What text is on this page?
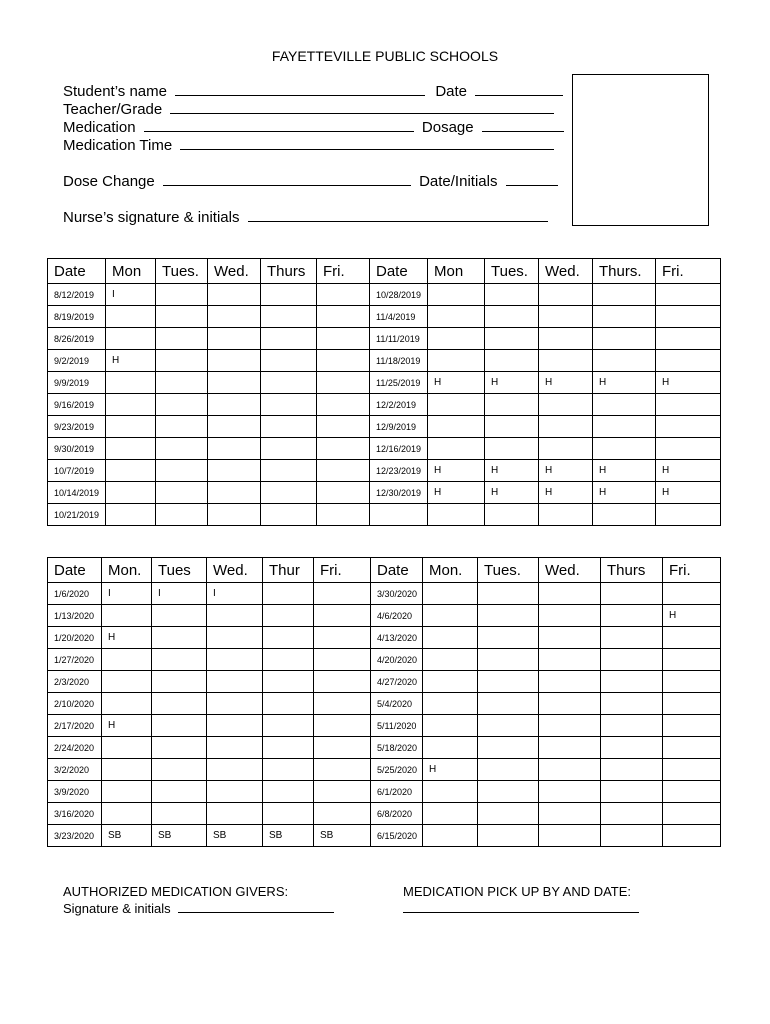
FAYETTEVILLE PUBLIC SCHOOLS
Student’s name	Date
Teacher/Grade
Medication	Dosage
Medication Time
Dose Change	Date/Initials
Nurse’s signature & initials
Date	Mon	Tues.	Wed.	Thurs	Fri.	Date	Mon	Tues.	Wed.	Thurs.	Fri.
8/12/2019	I					10/28/2019					
8/19/2019						11/4/2019					
8/26/2019						11/11/2019					
9/2/2019	H					11/18/2019					
9/9/2019						11/25/2019	H	H	H	H	H
9/16/2019						12/2/2019					
9/23/2019						12/9/2019					
9/30/2019						12/16/2019					
10/7/2019						12/23/2019	H	H	H	H	H
10/14/2019						12/30/2019	H	H	H	H	H
10/21/2019											
Date	Mon.	Tues	Wed.	Thur	Fri.	Date	Mon.	Tues.	Wed.	Thurs	Fri.
1/6/2020	I	I	I			3/30/2020					
1/13/2020						4/6/2020					H
1/20/2020	H					4/13/2020					
1/27/2020						4/20/2020					
2/3/2020						4/27/2020					
2/10/2020						5/4/2020					
2/17/2020	H					5/11/2020					
2/24/2020						5/18/2020					
3/2/2020						5/25/2020	H				
3/9/2020						6/1/2020					
3/16/2020						6/8/2020					
3/23/2020	SB	SB	SB	SB	SB	6/15/2020					
AUTHORIZED MEDICATION GIVERS:
Signature & initials
MEDICATION PICK UP BY AND DATE:
